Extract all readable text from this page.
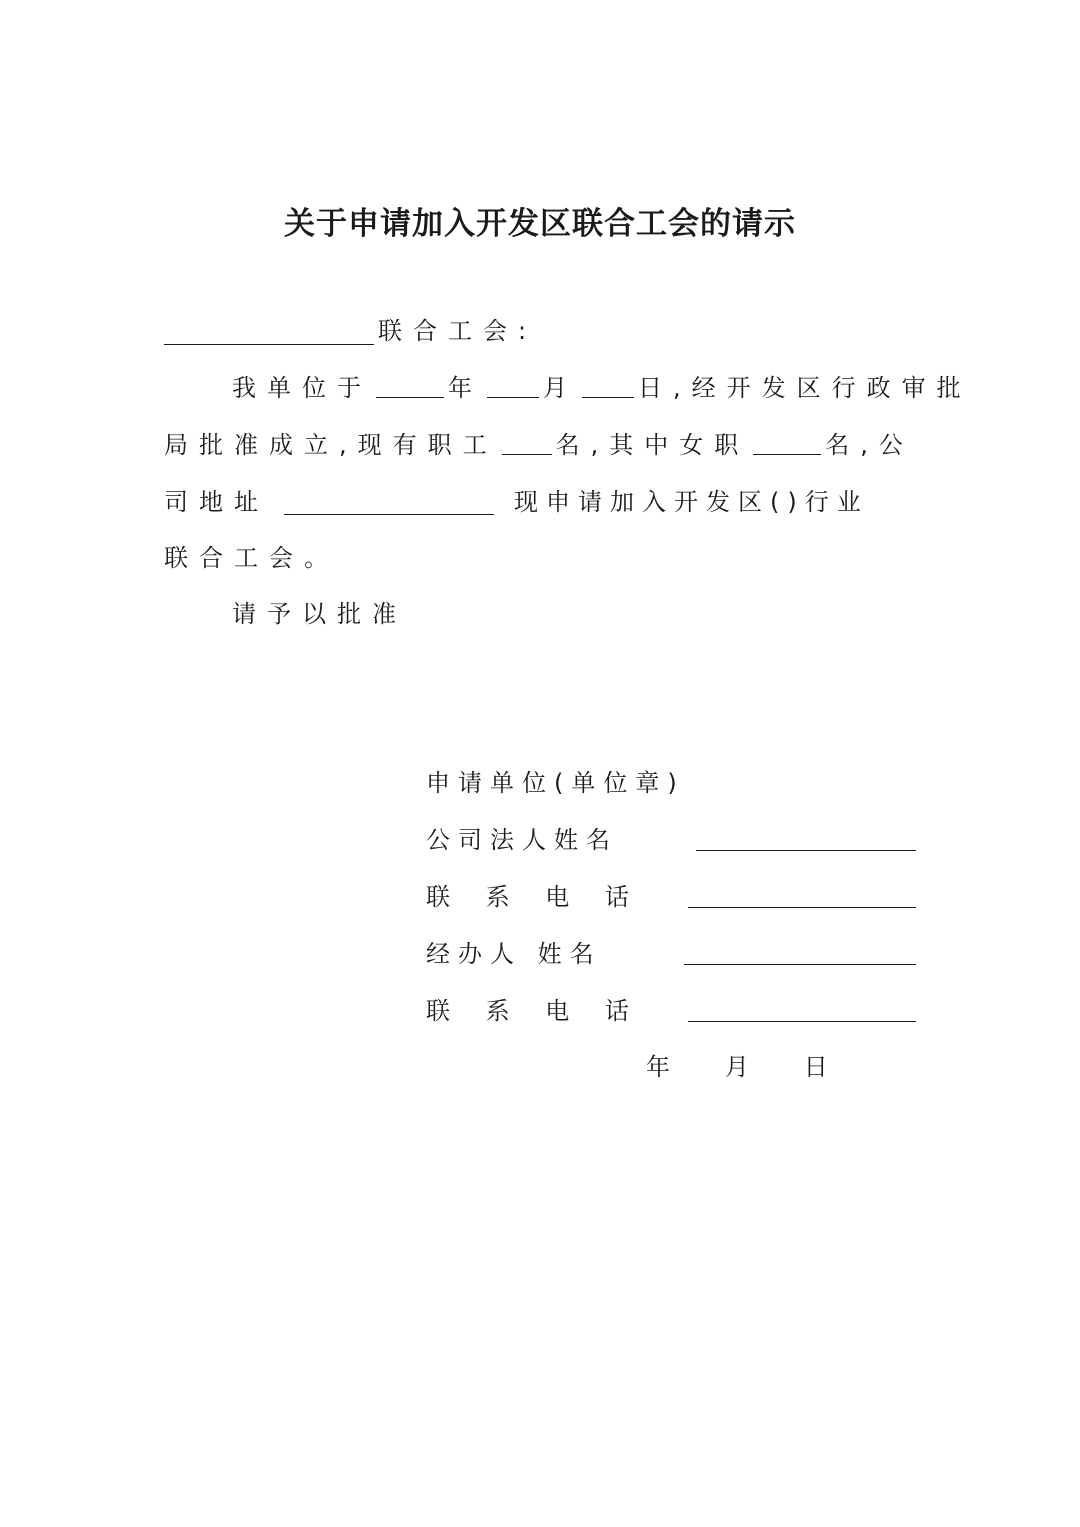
关于申请加入开发区联合工会的请示
联合工会:
我单位于	年	月	日,经开发区行政审批
局批准成立,现有职工 名,其中女职	名,公
司地址	现申请加入开发区()行业
联合工会。
请予以批准
申请单位(单位章)
公司法人姓名
联 系 电 话
经办人 姓名
联 系 电 话
年   月   日
